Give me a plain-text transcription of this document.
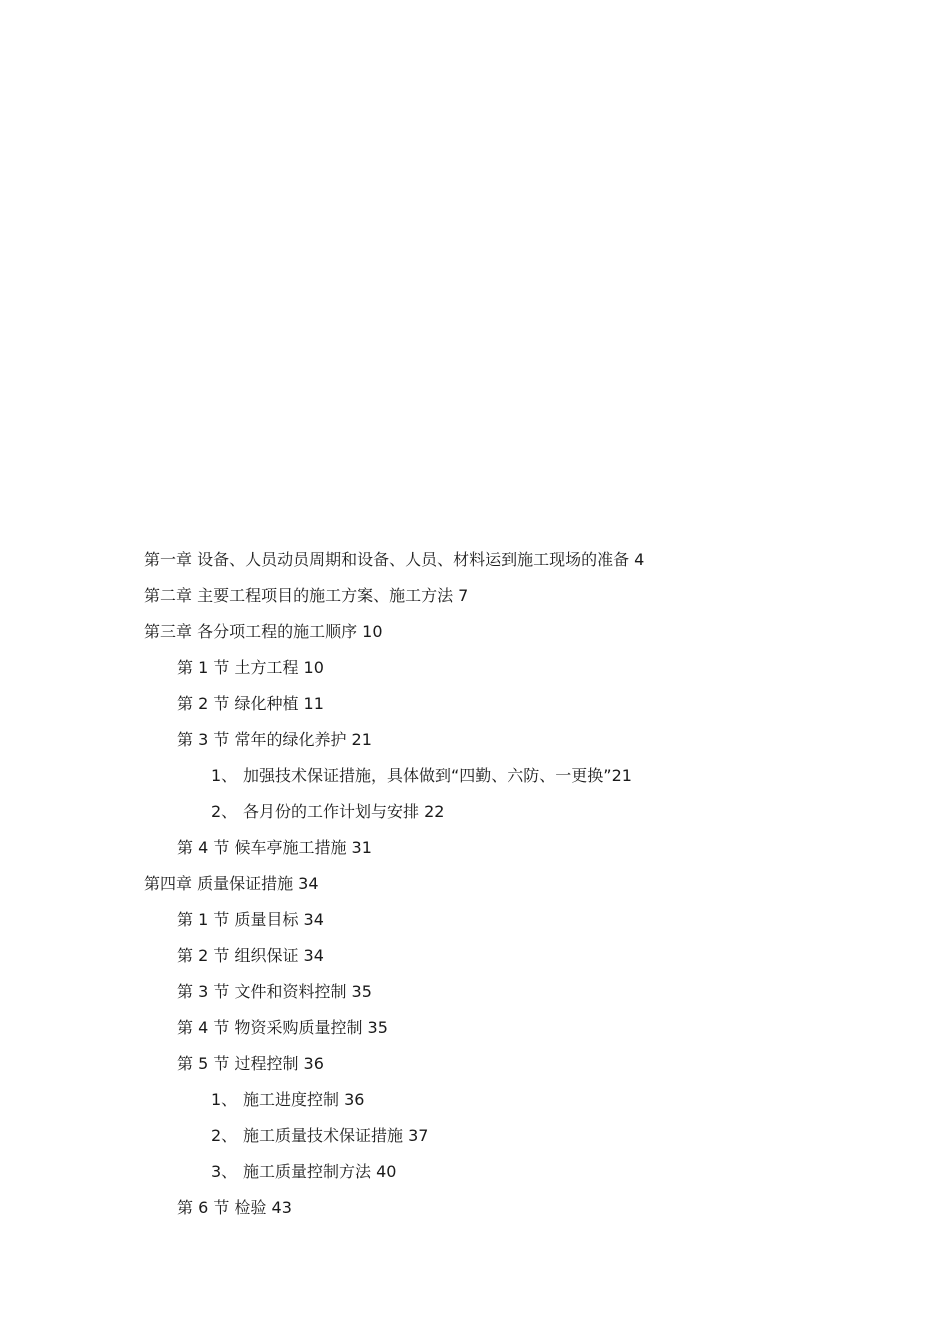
第一章 设备、人员动员周期和设备、人员、材料运到施工现场的准备 4
第二章 主要工程项目的施工方案、施工方法 7
第三章 各分项工程的施工顺序 10
第 1 节 土方工程 10
第 2 节 绿化种植 11
第 3 节 常年的绿化养护 21
1、 加强技术保证措施，具体做到“四勤、六防、一更换”21
2、 各月份的工作计划与安排 22
第 4 节 候车亭施工措施 31
第四章 质量保证措施 34
第 1 节 质量目标 34
第 2 节 组织保证 34
第 3 节 文件和资料控制 35
第 4 节 物资采购质量控制 35
第 5 节 过程控制 36
1、 施工进度控制 36
2、 施工质量技术保证措施 37
3、 施工质量控制方法 40
第 6 节 检验 43
